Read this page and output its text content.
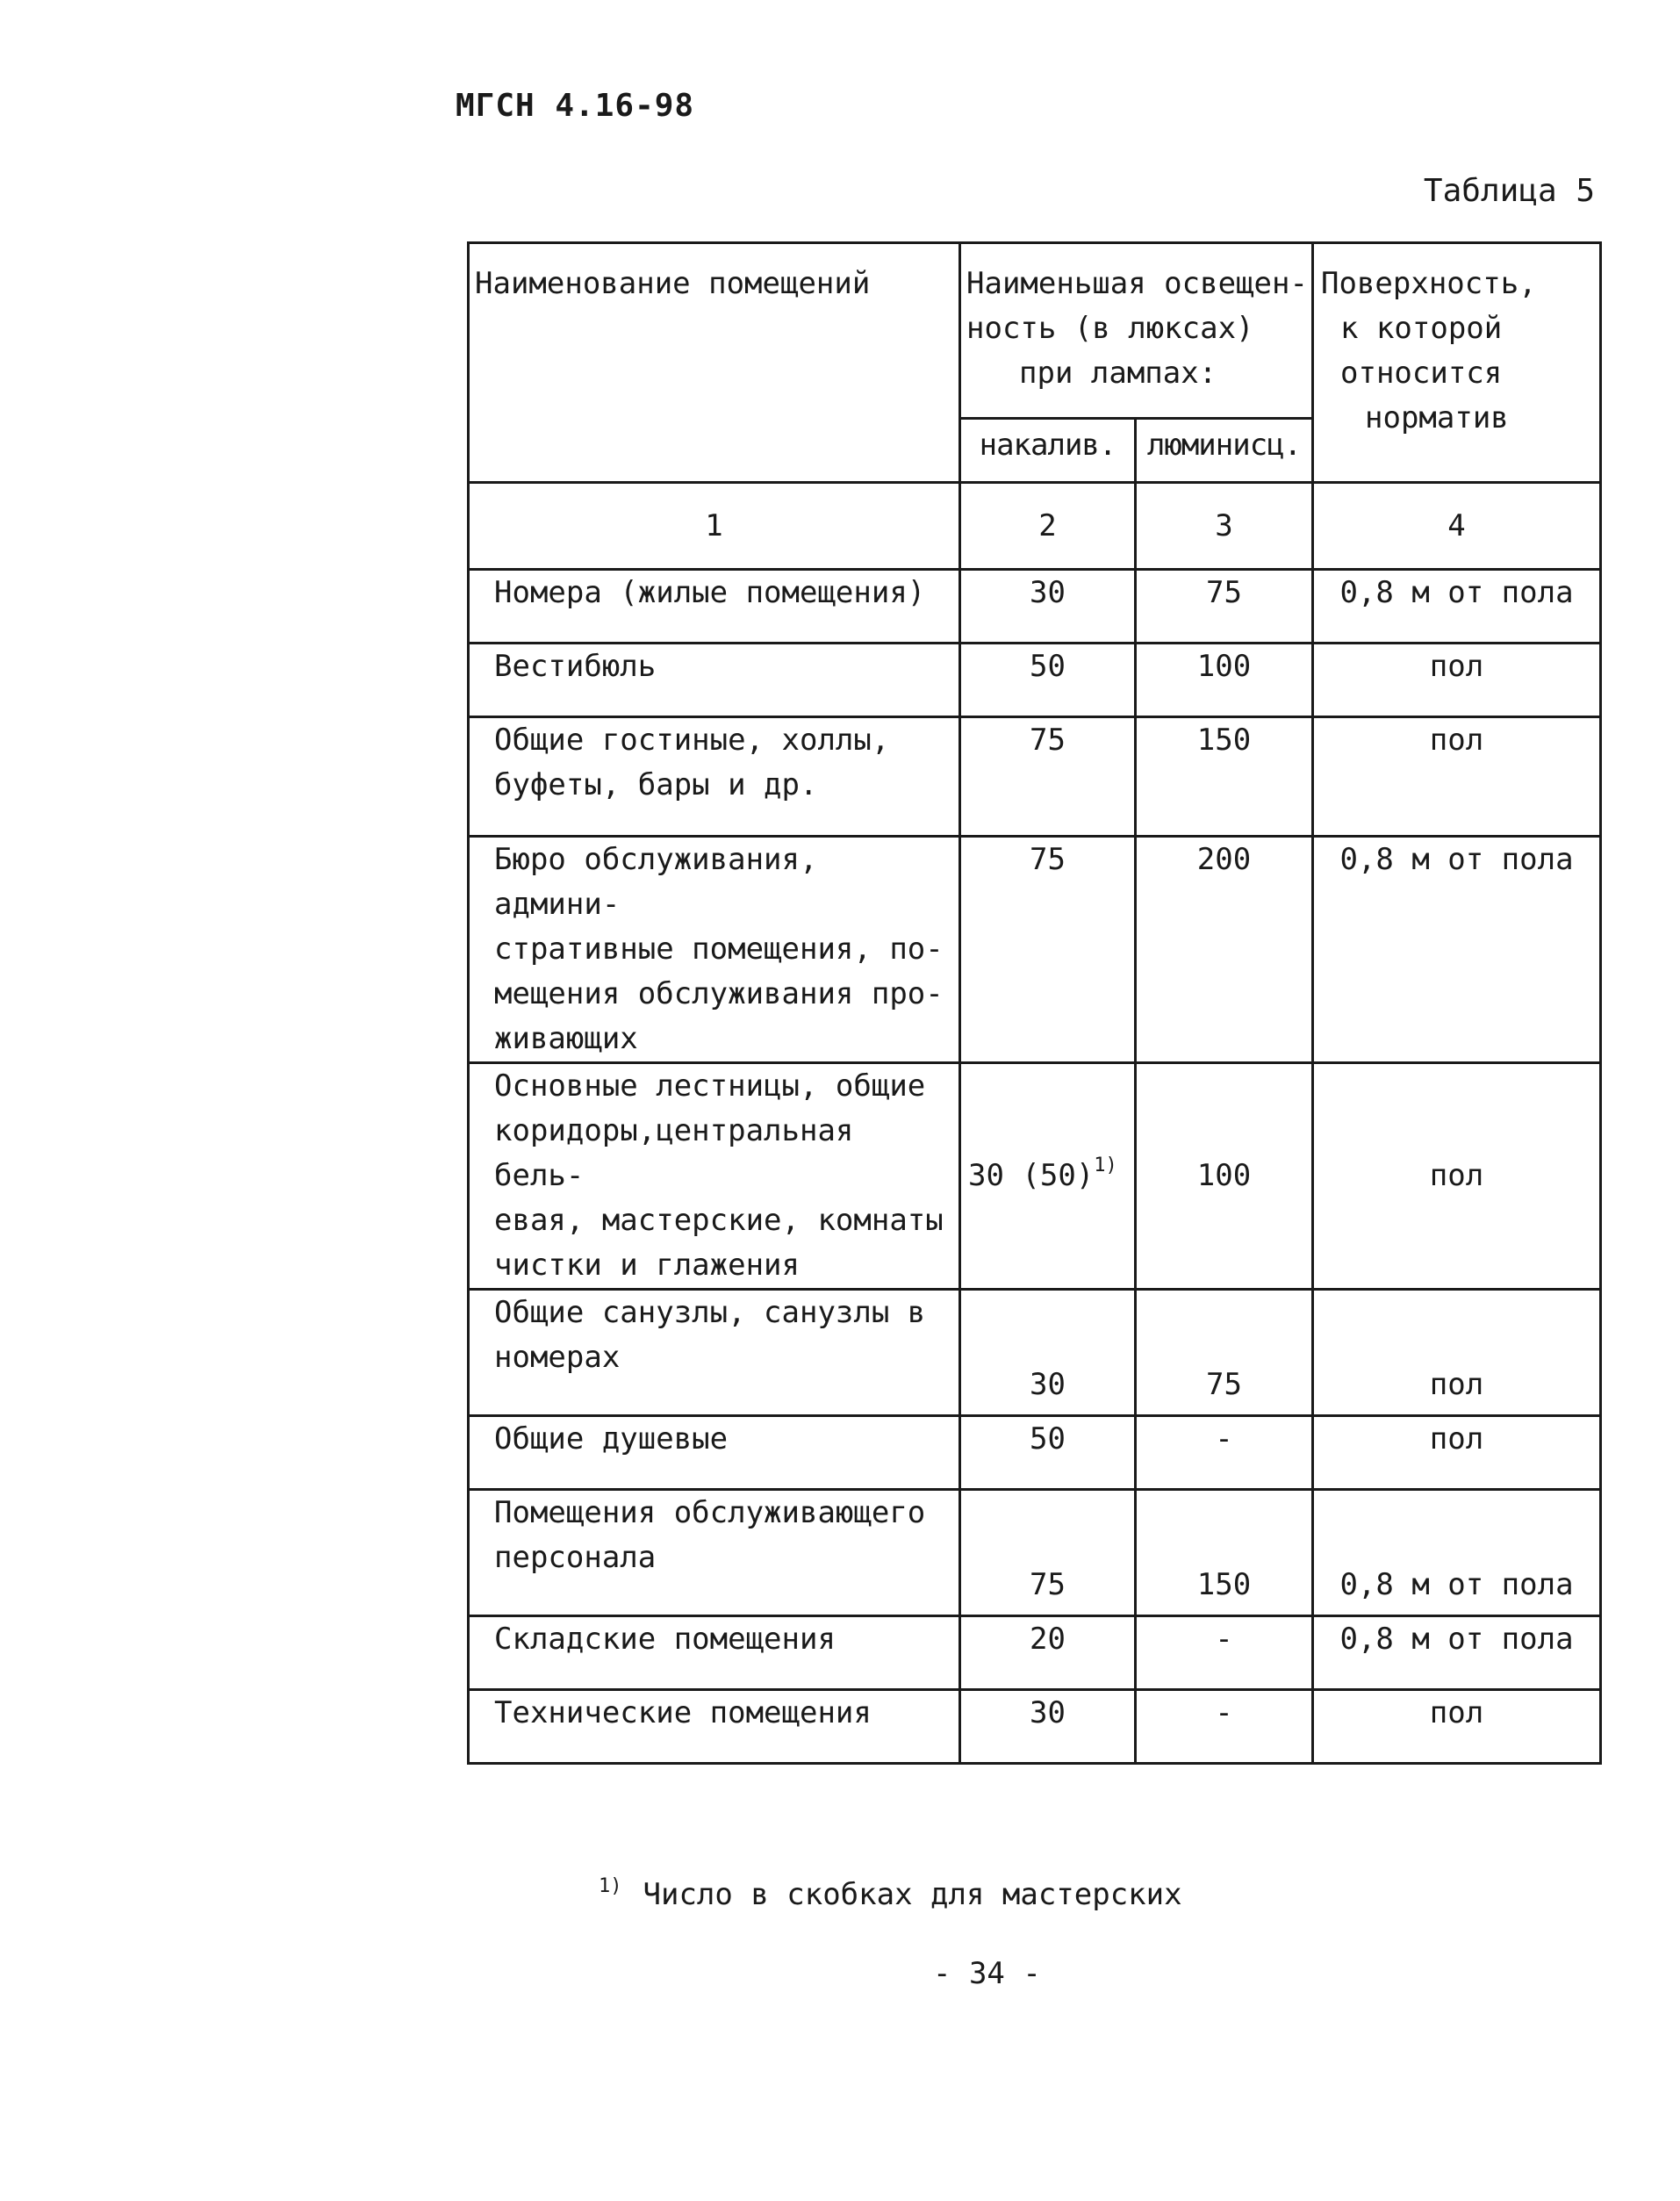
МГСН 4.16-98
Таблица 5
Наименование помещений	Наименьшая освещен-
ность (в люксах)
при лампах:		Поверхность,
к которой
относится
норматив

	накалив.	люминисц.	
1	2	3	4

Номера (жилые помещения)	30	75	0,8 м от пола

Вестибюль	50	100	пол

Общие гостиные, холлы,
буфеты, бары и др.	75	150	пол

Бюро обслуживания, админи-
стративные помещения, по-
мещения обслуживания про-
живающих	75	200	0,8 м от пола

Основные лестницы, общие
коридоры,центральная бель-
евая, мастерские, комнаты
чистки и глажения	30 $(50)^{1)}$	100	пол

Общие санузлы, санузлы в
номерах	30	75	пол

Общие душевые	50	-	пол

Помещения обслуживающего
персонала	75	150	0,8 м от пола

Складские помещения	20	-	0,8 м от пола

Технические помещения	30	-	пол
$^{1)}$ Число в скобках для мастерских
- 34 -
